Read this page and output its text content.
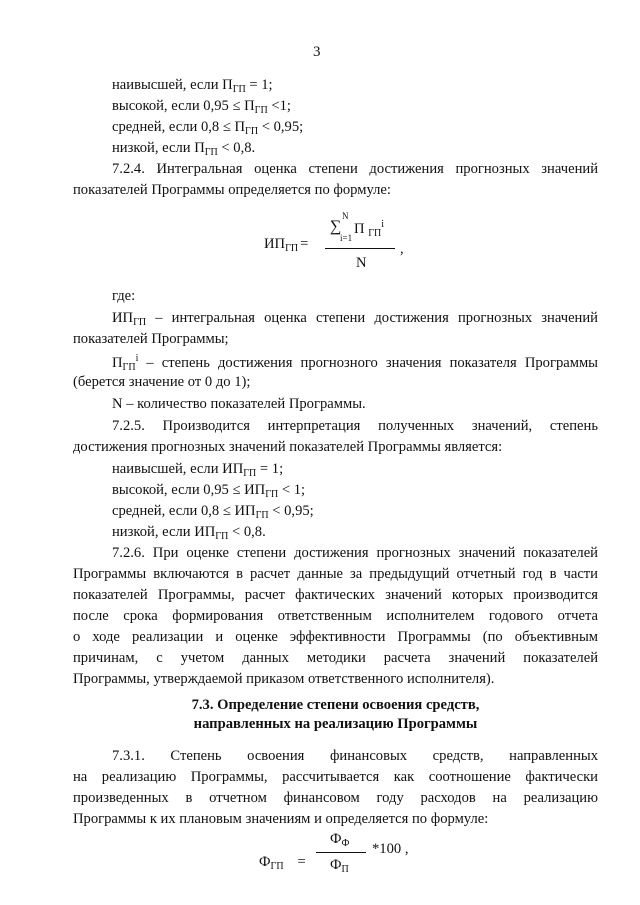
3
наивысшей, если $П_{ГП} = 1$;
высокой, если $0,95 \le П_{ГП} <1$;
средней, если $0,8 \le П_{ГП} < 0,95$;
низкой, если $П_{ГП} < 0,8$.
7.2.4. Интегральная оценка степени достижения прогнозных значений
показателей Программы определяется по формуле:
$ИП_{ГП}$ =
∑
N
i=1
П $_{ГП}^i$
N
,
где:
$ИП_{ГП}$ – интегральная оценка степени достижения прогнозных значений
показателей Программы;
$П_{ГП}^i$ – степень достижения прогнозного значения показателя Программы
(берется значение от 0 до 1);
N – количество показателей Программы.
7.2.5. Производится интерпретация полученных значений, степень
достижения прогнозных значений показателей Программы является:
наивысшей, если $ИП_{ГП} = 1$;
высокой, если $0,95 \le ИП_{ГП} < 1$;
средней, если $0,8 \le ИП_{ГП} < 0,95$;
низкой, если $ИП_{ГП} < 0,8$.
7.2.6. При оценке степени достижения прогнозных значений показателей
Программы включаются в расчет данные за предыдущий отчетный год в части
показателей Программы, расчет фактических значений которых производится
после срока формирования ответственным исполнителем годового отчета
о ходе реализации и оценке эффективности Программы (по объективным
причинам, с учетом данных методики расчета значений показателей
Программы, утверждаемой приказом ответственного исполнителя).
7.3. Определение степени освоения средств,
направленных на реализацию Программы
7.3.1. Степень освоения финансовых средств, направленных
на реализацию Программы, рассчитывается как соотношение фактически
произведенных в отчетном финансовом году расходов на реализацию
Программы к их плановым значениям и определяется по формуле:
$Ф_{ГП}$ =
$Ф_Ф$
$Ф_П$
*100 ,
